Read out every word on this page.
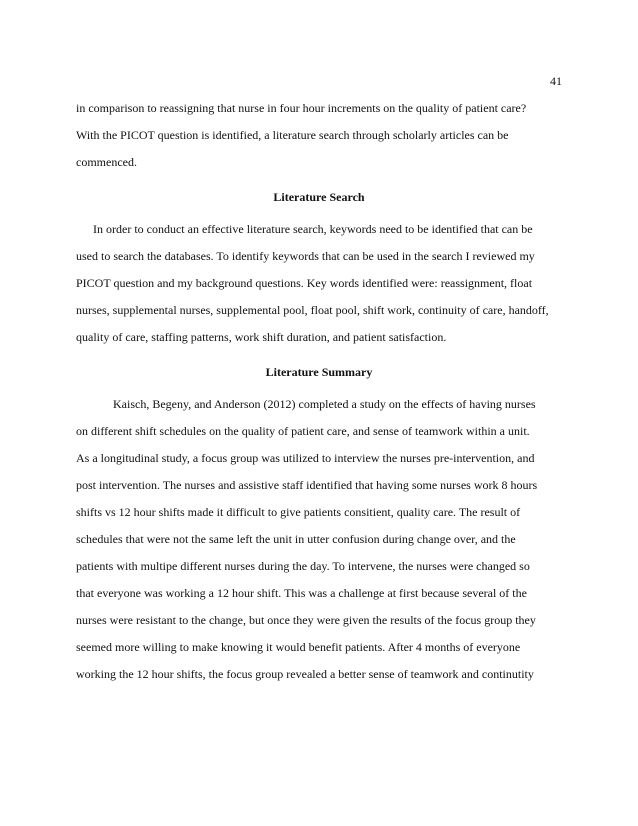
41

in comparison to reassigning that nurse in four hour increments on the quality of patient care?
With the PICOT question is identified, a literature search through scholarly articles can be
commenced.

Literature Search

In order to conduct an effective literature search, keywords need to be identified that can be
used to search the databases. To identify keywords that can be used in the search I reviewed my
PICOT question and my background questions. Key words identified were: reassignment, float
nurses, supplemental nurses, supplemental pool, float pool, shift work, continuity of care, handoff,
quality of care, staffing patterns, work shift duration, and patient satisfaction.

Literature Summary

Kaisch, Begeny, and Anderson (2012) completed a study on the effects of having nurses
on different shift schedules on the quality of patient care, and sense of teamwork within a unit.
As a longitudinal study, a focus group was utilized to interview the nurses pre-intervention, and
post intervention. The nurses and assistive staff identified that having some nurses work 8 hours
shifts vs 12 hour shifts made it difficult to give patients consitient, quality care. The result of
schedules that were not the same left the unit in utter confusion during change over, and the
patients with multipe different nurses during the day. To intervene, the nurses were changed so
that everyone was working a 12 hour shift. This was a challenge at first because several of the
nurses were resistant to the change, but once they were given the results of the focus group they
seemed more willing to make knowing it would benefit patients. After 4 months of everyone
working the 12 hour shifts, the focus group revealed a better sense of teamwork and continutity
